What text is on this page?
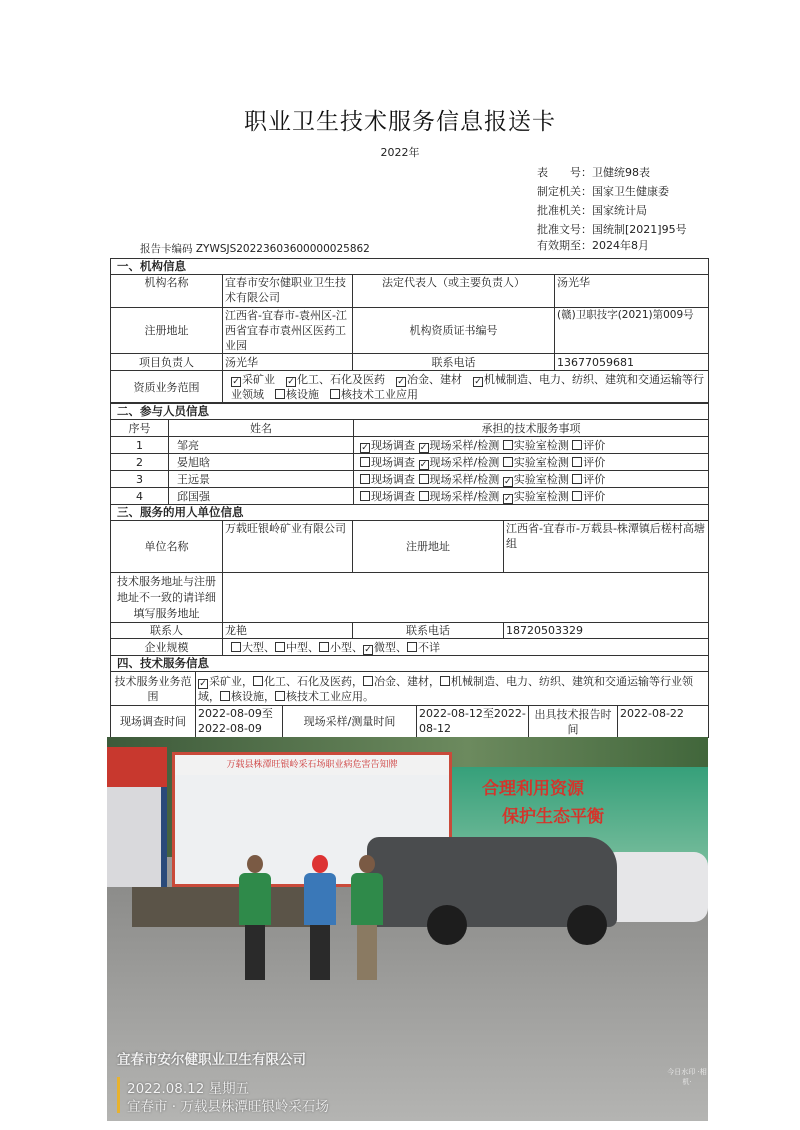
职业卫生技术服务信息报送卡
2022年
表　　号：卫健统98表
制定机关：国家卫生健康委
批准机关：国家统计局
批准文号：国统制[2021]95号
有效期至：2024年8月
报告卡编码 ZYWSJS20223603600000025862
一、机构信息			
机构名称	宜春市安尔健职业卫生技术有限公司	法定代表人（或主要负责人）	汤光华
注册地址	江西省-宜春市-袁州区-江西省宜春市袁州区医药工业园	机构资质证书编号	(赣)卫职技字(2021)第009号
项目负责人	汤光华	联系电话	13677059681
资质业务范围	✓ 采矿业　 ✓ 化工、石化及医药　 ✓ 冶金、建材　 ✓ 机械制造、电力、纺织、建筑和交通运输等行业领域　 核设施　 核技术工业应用		
二、参与人员信息		
序号	姓名	承担的技术服务事项
1	邹亮	✓ 现场调查 ✓ 现场采样/检测 实验室检测 评价
2	晏旭晗	现场调查 ✓ 现场采样/检测 实验室检测 评价
3	王远景	现场调查 现场采样/检测 ✓ 实验室检测 评价
4	邱国强	现场调查 现场采样/检测 ✓ 实验室检测 评价
三、服务的用人单位信息			
单位名称	万载旺银岭矿业有限公司	注册地址	江西省-宜春市-万载县-株潭镇后槎村高塘组
技术服务地址与注册地址不一致的请详细填写服务地址			
联系人	龙艳	联系电话	18720503329
企业规模	大型、 中型、 小型、✓ 微型、 不详		
四、技术服务信息					
技术服务业务范围	✓ 采矿业， 化工、石化及医药， 冶金、建材， 机械制造、电力、纺织、建筑和交通运输等行业领域， 核设施， 核技术工业应用。				
现场调查时间	2022-08-09至2022-08-09	现场采样/测量时间	2022-08-12至2022-08-12	出具技术报告时间	2022-08-22
万载县株潭旺银岭采石场职业病危害告知牌
合理利用资源
保护生态平衡
宜春市安尔健职业卫生有限公司
2022.08.12 星期五
宜春市 · 万载县株潭旺银岭采石场
今日水印 ·相机·
